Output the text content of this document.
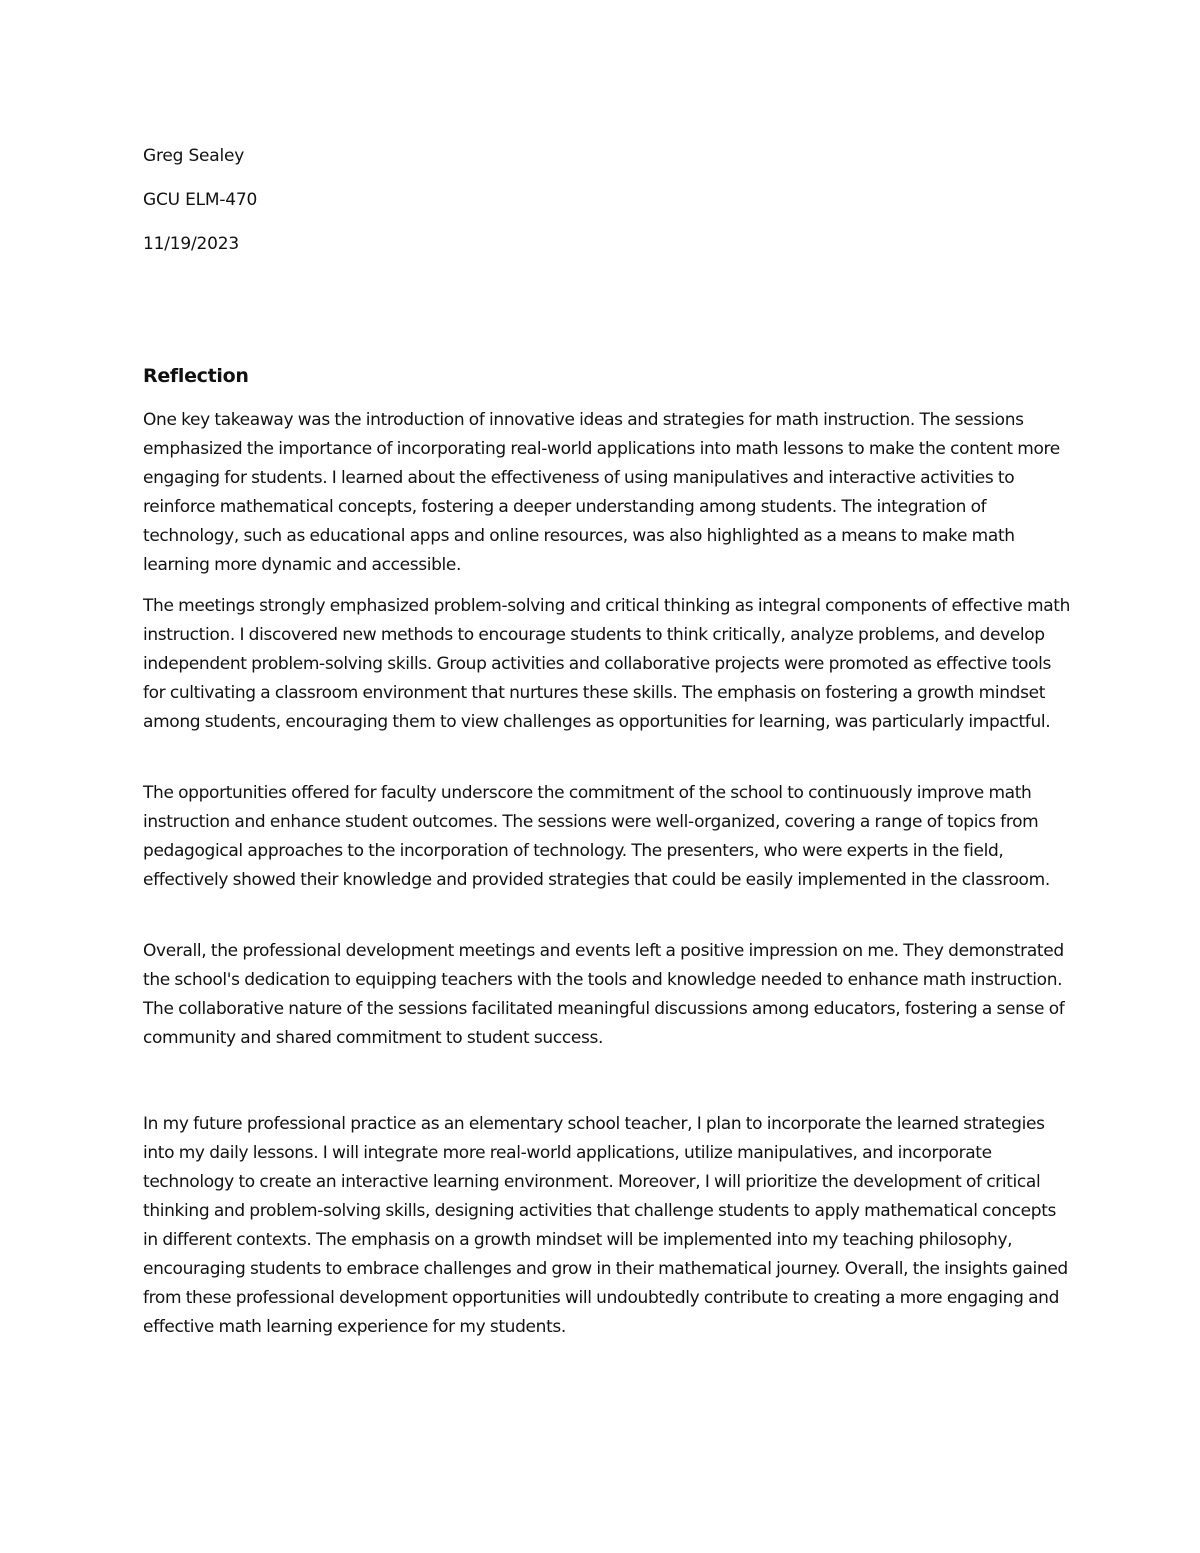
Greg Sealey

GCU ELM-470

11/19/2023

Reflection

One key takeaway was the introduction of innovative ideas and strategies for math instruction. The sessions emphasized the importance of incorporating real-world applications into math lessons to make the content more engaging for students. I learned about the effectiveness of using manipulatives and interactive activities to reinforce mathematical concepts, fostering a deeper understanding among students. The integration of technology, such as educational apps and online resources, was also highlighted as a means to make math learning more dynamic and accessible.

The meetings strongly emphasized problem-solving and critical thinking as integral components of effective math instruction. I discovered new methods to encourage students to think critically, analyze problems, and develop independent problem-solving skills. Group activities and collaborative projects were promoted as effective tools for cultivating a classroom environment that nurtures these skills. The emphasis on fostering a growth mindset among students, encouraging them to view challenges as opportunities for learning, was particularly impactful.

The opportunities offered for faculty underscore the commitment of the school to continuously improve math instruction and enhance student outcomes. The sessions were well-organized, covering a range of topics from pedagogical approaches to the incorporation of technology. The presenters, who were experts in the field, effectively showed their knowledge and provided strategies that could be easily implemented in the classroom.

Overall, the professional development meetings and events left a positive impression on me. They demonstrated the school's dedication to equipping teachers with the tools and knowledge needed to enhance math instruction. The collaborative nature of the sessions facilitated meaningful discussions among educators, fostering a sense of community and shared commitment to student success.

In my future professional practice as an elementary school teacher, I plan to incorporate the learned strategies into my daily lessons. I will integrate more real-world applications, utilize manipulatives, and incorporate technology to create an interactive learning environment. Moreover, I will prioritize the development of critical thinking and problem-solving skills, designing activities that challenge students to apply mathematical concepts in different contexts. The emphasis on a growth mindset will be implemented into my teaching philosophy, encouraging students to embrace challenges and grow in their mathematical journey. Overall, the insights gained from these professional development opportunities will undoubtedly contribute to creating a more engaging and effective math learning experience for my students.
